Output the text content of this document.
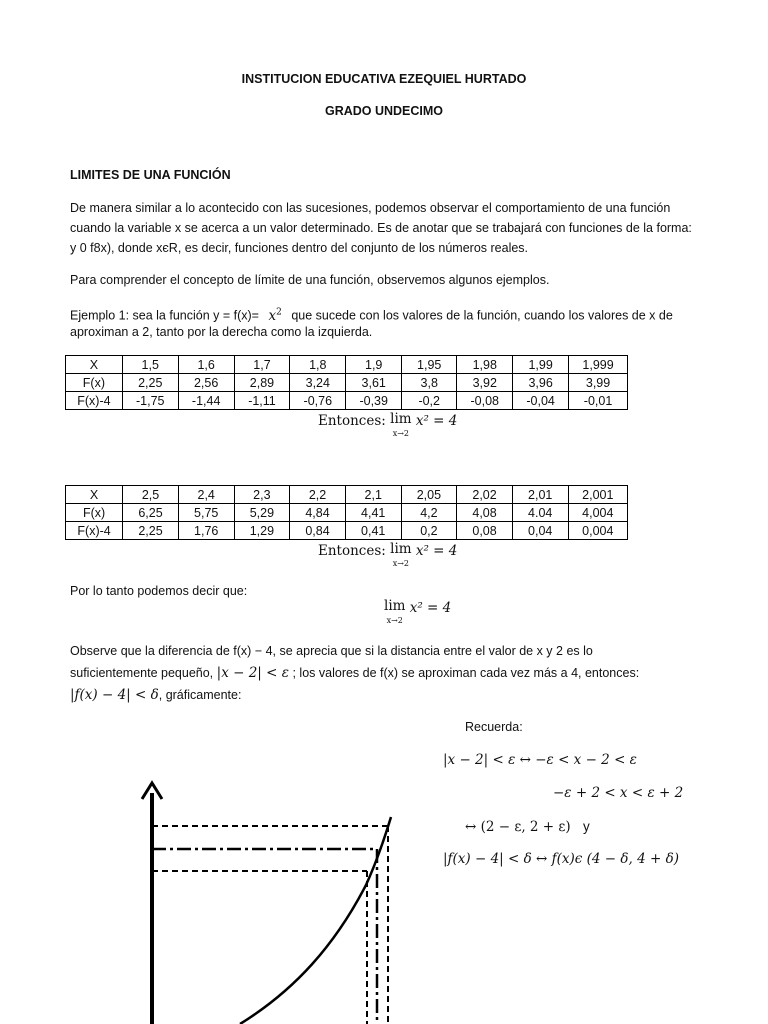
INSTITUCION EDUCATIVA EZEQUIEL HURTADO
GRADO UNDECIMO
LIMITES DE UNA FUNCIÓN
De manera similar a lo acontecido con las sucesiones, podemos observar el comportamiento de una función
cuando la variable x se acerca a un valor determinado. Es de anotar que se trabajará con funciones de la forma:
y 0 f8x), donde xєR, es decir, funciones dentro del conjunto de los números reales.
Para comprender el concepto de límite de una función, observemos algunos ejemplos.
Ejemplo 1: sea la función $y = f(x)= x^2$ que sucede con los valores de la función, cuando los valores de x de
aproximan a 2, tanto por la derecha como la izquierda.
X	1,5	1,6	1,7	1,8	1,9	1,95	1,98	1,99	1,999
F(x)	2,25	2,56	2,89	3,24	3,61	3,8	3,92	3,96	3,99
F(x)-4	-1,75	-1,44	-1,11	-0,76	-0,39	-0,2	-0,08	-0,04	-0,01
Entonces: lim
x→2 x² = 4
X	2,5	2,4	2,3	2,2	2,1	2,05	2,02	2,01	2,001
F(x)	6,25	5,75	5,29	4,84	4,41	4,2	4,08	4.04	4,004
F(x)-4	2,25	1,76	1,29	0,84	0,41	0,2	0,08	0,04	0,004
Entonces: lim
x→2 x² = 4
Por lo tanto podemos decir que:
lim
x→2 x² = 4
Observe que la diferencia de f(x) − 4, se aprecia que si la distancia entre el valor de x y 2 es lo
suficientemente pequeño, |x − 2| < ε ; los valores de f(x) se aproximan cada vez más a 4, entonces:
|f(x) − 4| < δ, gráficamente:
Recuerda:
|x − 2| < ε ↔ −ε < x − 2 < ε
−ε + 2 < x < ε + 2
↔ (2 − ε, 2 + ε) y
|f(x) − 4| < δ ↔ f(x)ϵ (4 − δ, 4 + δ)
